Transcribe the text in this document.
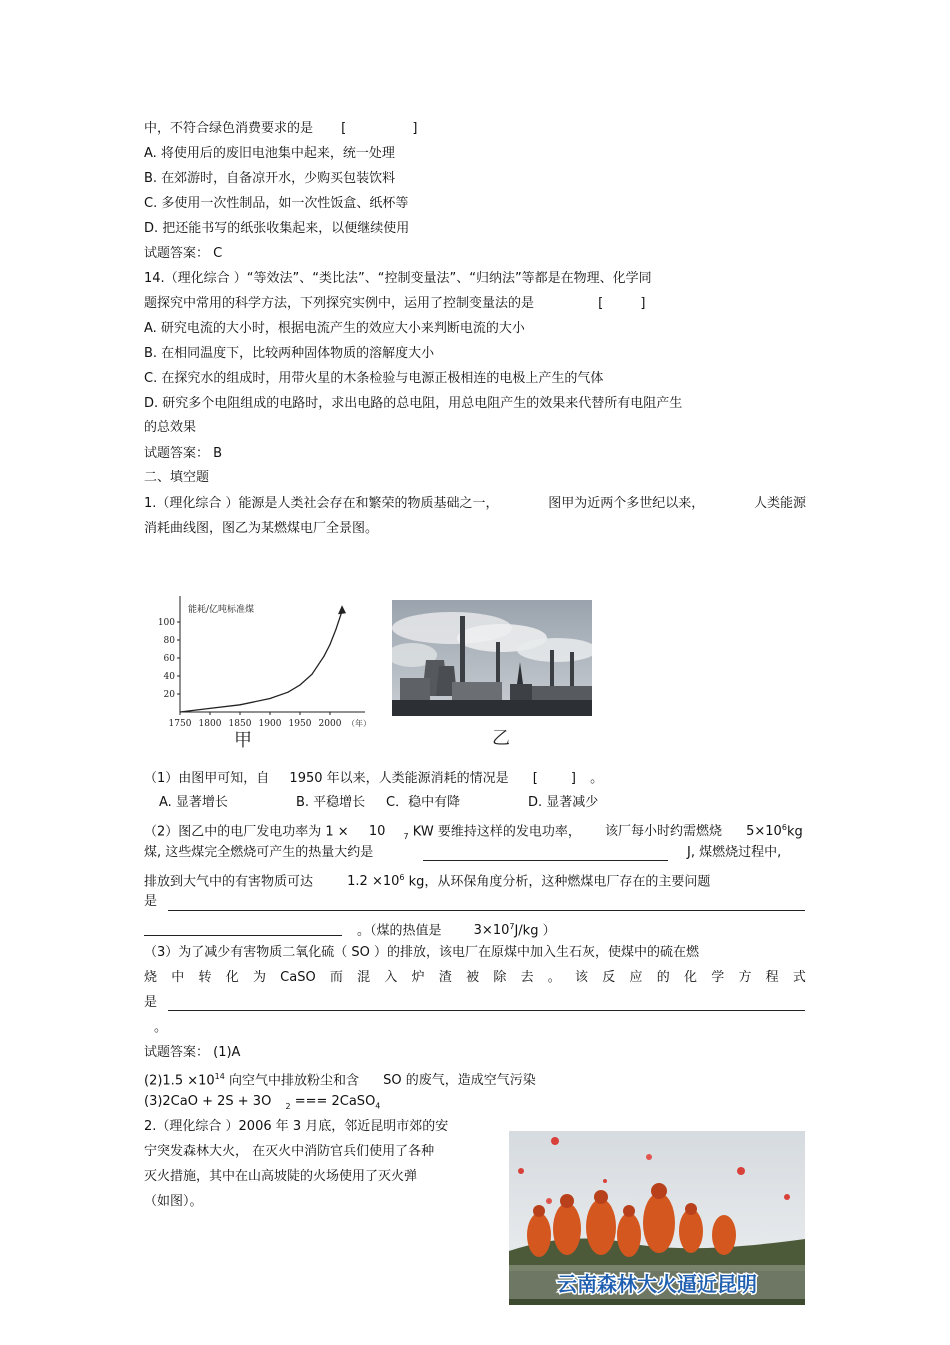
中，不符合绿色消费要求的是 [                ]
A. 将使用后的废旧电池集中起来，统一处理
B. 在郊游时，自备凉开水，少购买包装饮料
C. 多使用一次性制品，如一次性饭盒、纸杯等
D. 把还能书写的纸张收集起来，以便继续使用
试题答案： C
14.（理化综合 ）“等效法”、“类比法”、“控制变量法”、“归纳法”等都是在物理、化学同
题探究中常用的科学方法，下列探究实例中，运用了控制变量法的是	[         ]
A. 研究电流的大小时，根据电流产生的效应大小来判断电流的大小
B. 在相同温度下，比较两种固体物质的溶解度大小
C. 在探究水的组成时，用带火星的木条检验与电源正极相连的电极上产生的气体
D. 研究多个电阻组成的电路时，求出电路的总电阻，用总电阻产生的效果来代替所有电阻产生
的总效果
试题答案： B
二、填空题
1.（理化综合 ）能源是人类社会存在和繁荣的物质基础之一，	图甲为近两个多世纪以来，	人类能源
消耗曲线图，图乙为某燃煤电厂全景图。
20
40
60
80
100
1750 1800 1850 1900 1950 2000
能耗/亿吨标准煤
（年）
甲	乙
（1）由图甲可知，自 1950 年以来，人类能源消耗的情况是 [        ] 。
A. 显著增长	B. 平稳增长 C．稳中有降	D. 显著减少
（2）图乙中的电厂发电功率为 1 × 10 $_7$ KW 要维持这样的发电功率， 该厂每小时约需燃烧 $5\times 10^6kg$
煤, 这些煤完全燃烧可产生的热量大约是	J, 煤燃烧过程中,
排放到大气中的有害物质可达	$1.2 \times 10^6$ kg，从环保角度分析，这种燃煤电厂存在的主要问题
是
。（煤的热值是 $3\times 10^7J/kg$ ）
（3）为了减少有害物质二氧化硫（ SO ）的排放，该电厂在原煤中加入生石灰，使煤中的硫在燃
烧 中 转 化 为 CaSO 而 混 入 炉 渣 被 除 去 。 该 反 应 的 化 学 方 程 式
是
。
试题答案： (1)A
$(2)1.5 \times 10^{14}$ 向空气中排放粉尘和含 SO 的废气，造成空气污染
(3)2CaO + 2S + 3O $_2$ === 2CaSO$_4$
2.（理化综合 ）2006 年 3 月底，邻近昆明市郊的安
宁突发森林大火， 在灭火中消防官兵们使用了各种
灭火措施，其中在山高坡陡的火场使用了灭火弹
（如图）。
云南森林大火逼近昆明
